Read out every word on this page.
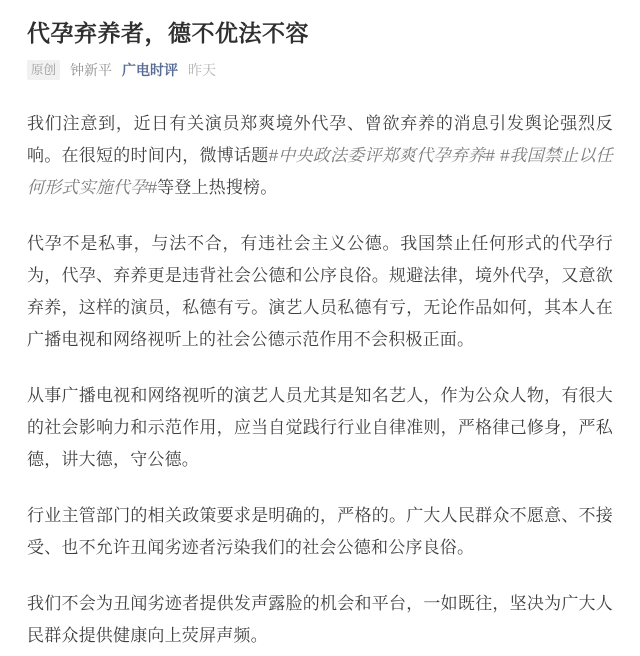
代孕弃养者，德不优法不容
原创 钟新平 广电时评 昨天

我们注意到，近日有关演员郑爽境外代孕、曾欲弃养的消息引发舆论强烈反响。在很短的时间内，微博话题#中央政法委评郑爽代孕弃养# #我国禁止以任何形式实施代孕#等登上热搜榜。

代孕不是私事，与法不合，有违社会主义公德。我国禁止任何形式的代孕行为，代孕、弃养更是违背社会公德和公序良俗。规避法律，境外代孕，又意欲弃养，这样的演员，私德有亏。演艺人员私德有亏，无论作品如何，其本人在广播电视和网络视听上的社会公德示范作用不会积极正面。

从事广播电视和网络视听的演艺人员尤其是知名艺人，作为公众人物，有很大的社会影响力和示范作用，应当自觉践行行业自律准则，严格律己修身，严私德，讲大德，守公德。

行业主管部门的相关政策要求是明确的，严格的。广大人民群众不愿意、不接受、也不允许丑闻劣迹者污染我们的社会公德和公序良俗。

我们不会为丑闻劣迹者提供发声露脸的机会和平台，一如既往，坚决为广大人民群众提供健康向上荧屏声频。
